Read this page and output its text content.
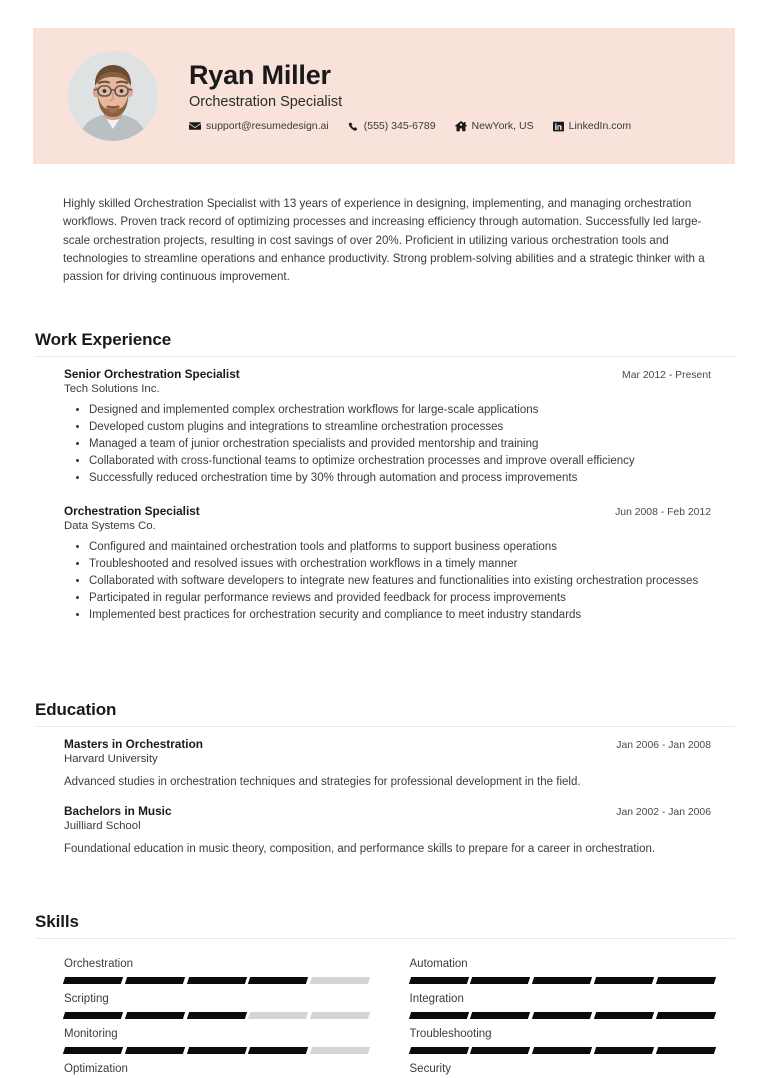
Ryan Miller
Orchestration Specialist
support@resumedesign.ai	(555) 345-6789	NewYork, US	LinkedIn.com
Highly skilled Orchestration Specialist with 13 years of experience in designing, implementing, and managing orchestration workflows. Proven track record of optimizing processes and increasing efficiency through automation. Successfully led large-scale orchestration projects, resulting in cost savings of over 20%. Proficient in utilizing various orchestration tools and technologies to streamline operations and enhance productivity. Strong problem-solving abilities and a strategic thinker with a passion for driving continuous improvement.
Work Experience
Senior Orchestration Specialist	Mar 2012 - Present
Tech Solutions Inc.
• Designed and implemented complex orchestration workflows for large-scale applications
• Developed custom plugins and integrations to streamline orchestration processes
• Managed a team of junior orchestration specialists and provided mentorship and training
• Collaborated with cross-functional teams to optimize orchestration processes and improve overall efficiency
• Successfully reduced orchestration time by 30% through automation and process improvements
Orchestration Specialist	Jun 2008 - Feb 2012
Data Systems Co.
• Configured and maintained orchestration tools and platforms to support business operations
• Troubleshooted and resolved issues with orchestration workflows in a timely manner
• Collaborated with software developers to integrate new features and functionalities into existing orchestration processes
• Participated in regular performance reviews and provided feedback for process improvements
• Implemented best practices for orchestration security and compliance to meet industry standards
Education
Masters in Orchestration	Jan 2006 - Jan 2008
Harvard University
Advanced studies in orchestration techniques and strategies for professional development in the field.
Bachelors in Music	Jan 2002 - Jan 2006
Juilliard School
Foundational education in music theory, composition, and performance skills to prepare for a career in orchestration.
Skills
Orchestration	Automation
Scripting	Integration
Monitoring	Troubleshooting
Optimization	Security
